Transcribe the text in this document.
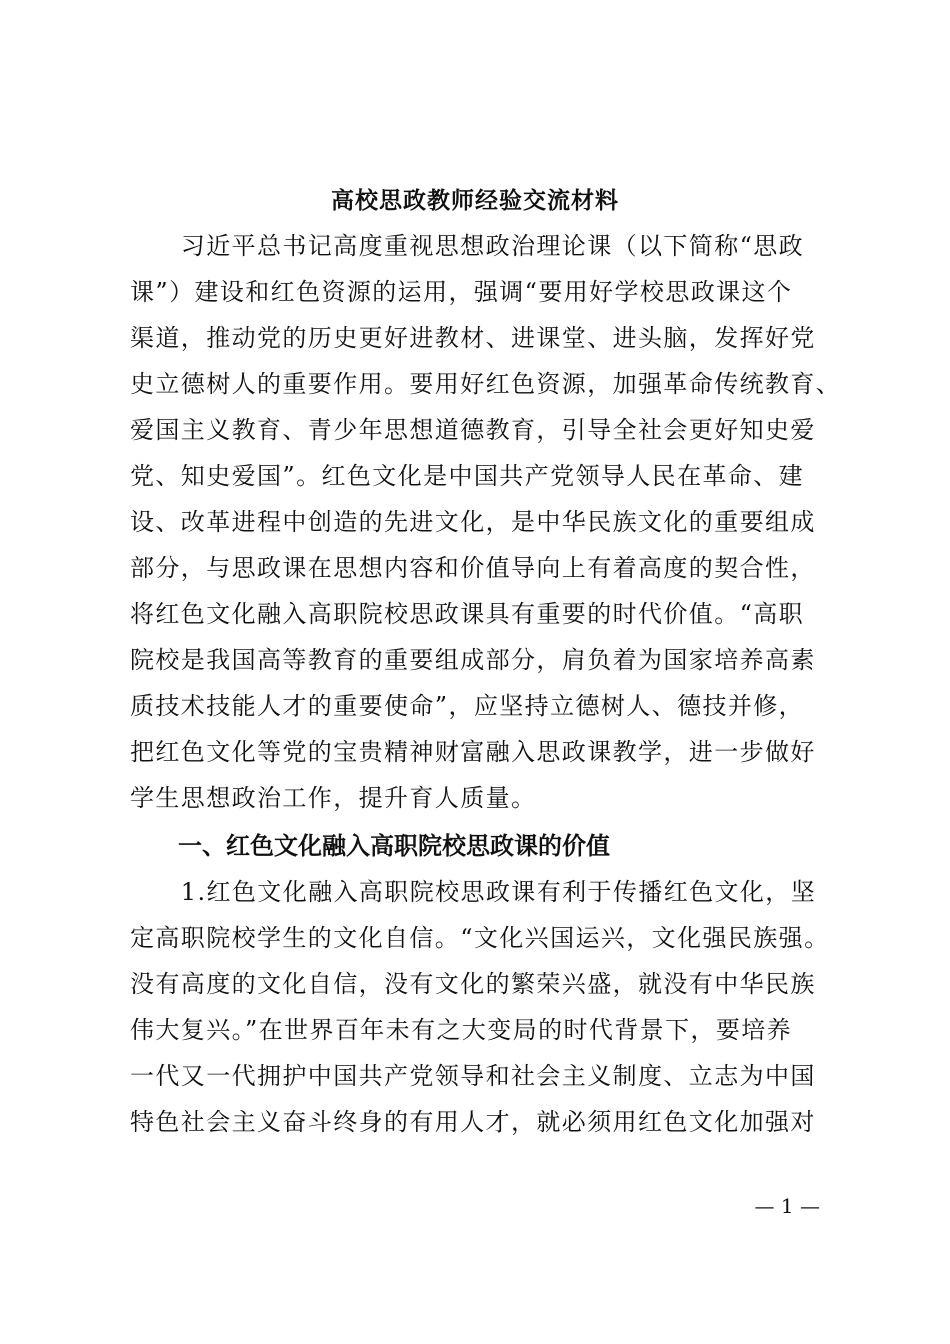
高校思政教师经验交流材料
　　习近平总书记高度重视思想政治理论课（以下简称“思政
课”）建设和红色资源的运用，强调“要用好学校思政课这个
渠道，推动党的历史更好进教材、进课堂、进头脑，发挥好党
史立德树人的重要作用。要用好红色资源，加强革命传统教育、
爱国主义教育、青少年思想道德教育，引导全社会更好知史爱
党、知史爱国”。红色文化是中国共产党领导人民在革命、建
设、改革进程中创造的先进文化，是中华民族文化的重要组成
部分，与思政课在思想内容和价值导向上有着高度的契合性，
将红色文化融入高职院校思政课具有重要的时代价值。“高职
院校是我国高等教育的重要组成部分，肩负着为国家培养高素
质技术技能人才的重要使命”，应坚持立德树人、德技并修，
把红色文化等党的宝贵精神财富融入思政课教学，进一步做好
学生思想政治工作，提升育人质量。
一、红色文化融入高职院校思政课的价值
　　1.红色文化融入高职院校思政课有利于传播红色文化，坚
定高职院校学生的文化自信。“文化兴国运兴，文化强民族强。
没有高度的文化自信，没有文化的繁荣兴盛，就没有中华民族
伟大复兴。”在世界百年未有之大变局的时代背景下，要培养
一代又一代拥护中国共产党领导和社会主义制度、立志为中国
特色社会主义奋斗终身的有用人才，就必须用红色文化加强对
— 1 —
